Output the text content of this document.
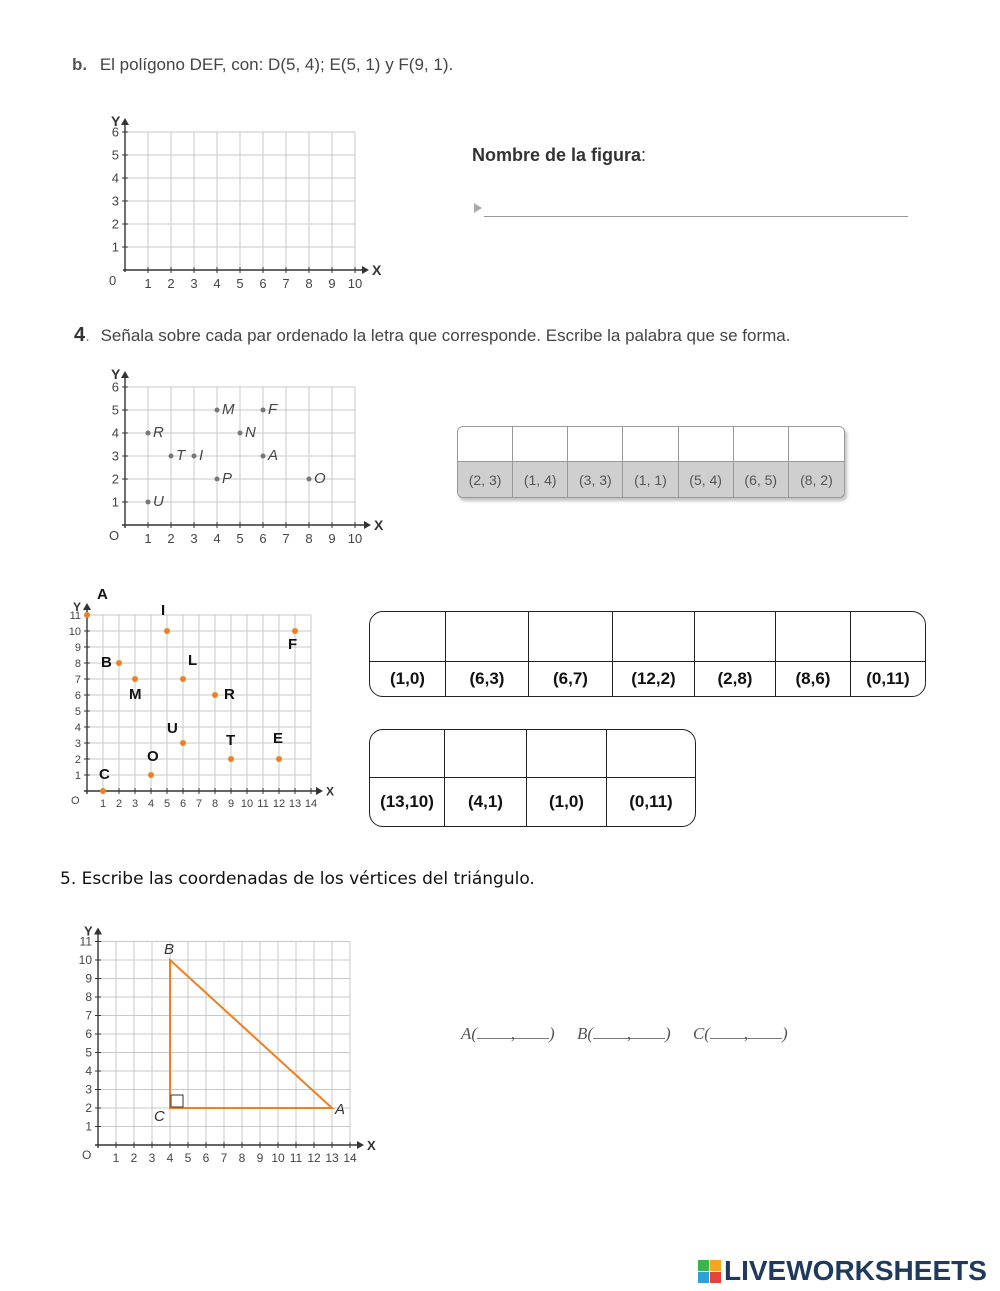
b. El polígono DEF, con: D(5, 4); E(5, 1) y F(9, 1).
1 2 3 4 5 6 7 8 9 10
1
2
3
4
5
6
X
Y
0
Nombre de la figura:
4. Señala sobre cada par ordenado la letra que corresponde. Escribe la palabra que se forma.
1 2 3 4 5 6 7 8 9 10
1
2
3
4
5
6
X
Y
O
U
R
T I
P
M
N
F
A
O	(2, 3)	(1, 4)	(3, 3)	(1, 1)	(5, 4)	(6, 5)	(8, 2)
1 2 3 4 5 6 7 8 9 10 11 12 13 14
1
2
3
4
5
6
7
8
9
10
11
X
Y
O
A
I
F
B	L
M	R
U
T	E
O
C
(1,0)	(6,3)	(6,7)	(12,2)	(2,8)	(8,6)	(0,11)
(13,10)	(4,1)	(1,0)	(0,11)
5. Escribe las coordenadas de los vértices del triángulo.
1 2 3 4 5 6 7 8 9 10 11 12 13 14
1
2
3
4
5
6
7
8
9
10
11
X
Y
O
B
A
C
A( , ) B( , ) C( , )
LIVEWORKSHEETS
